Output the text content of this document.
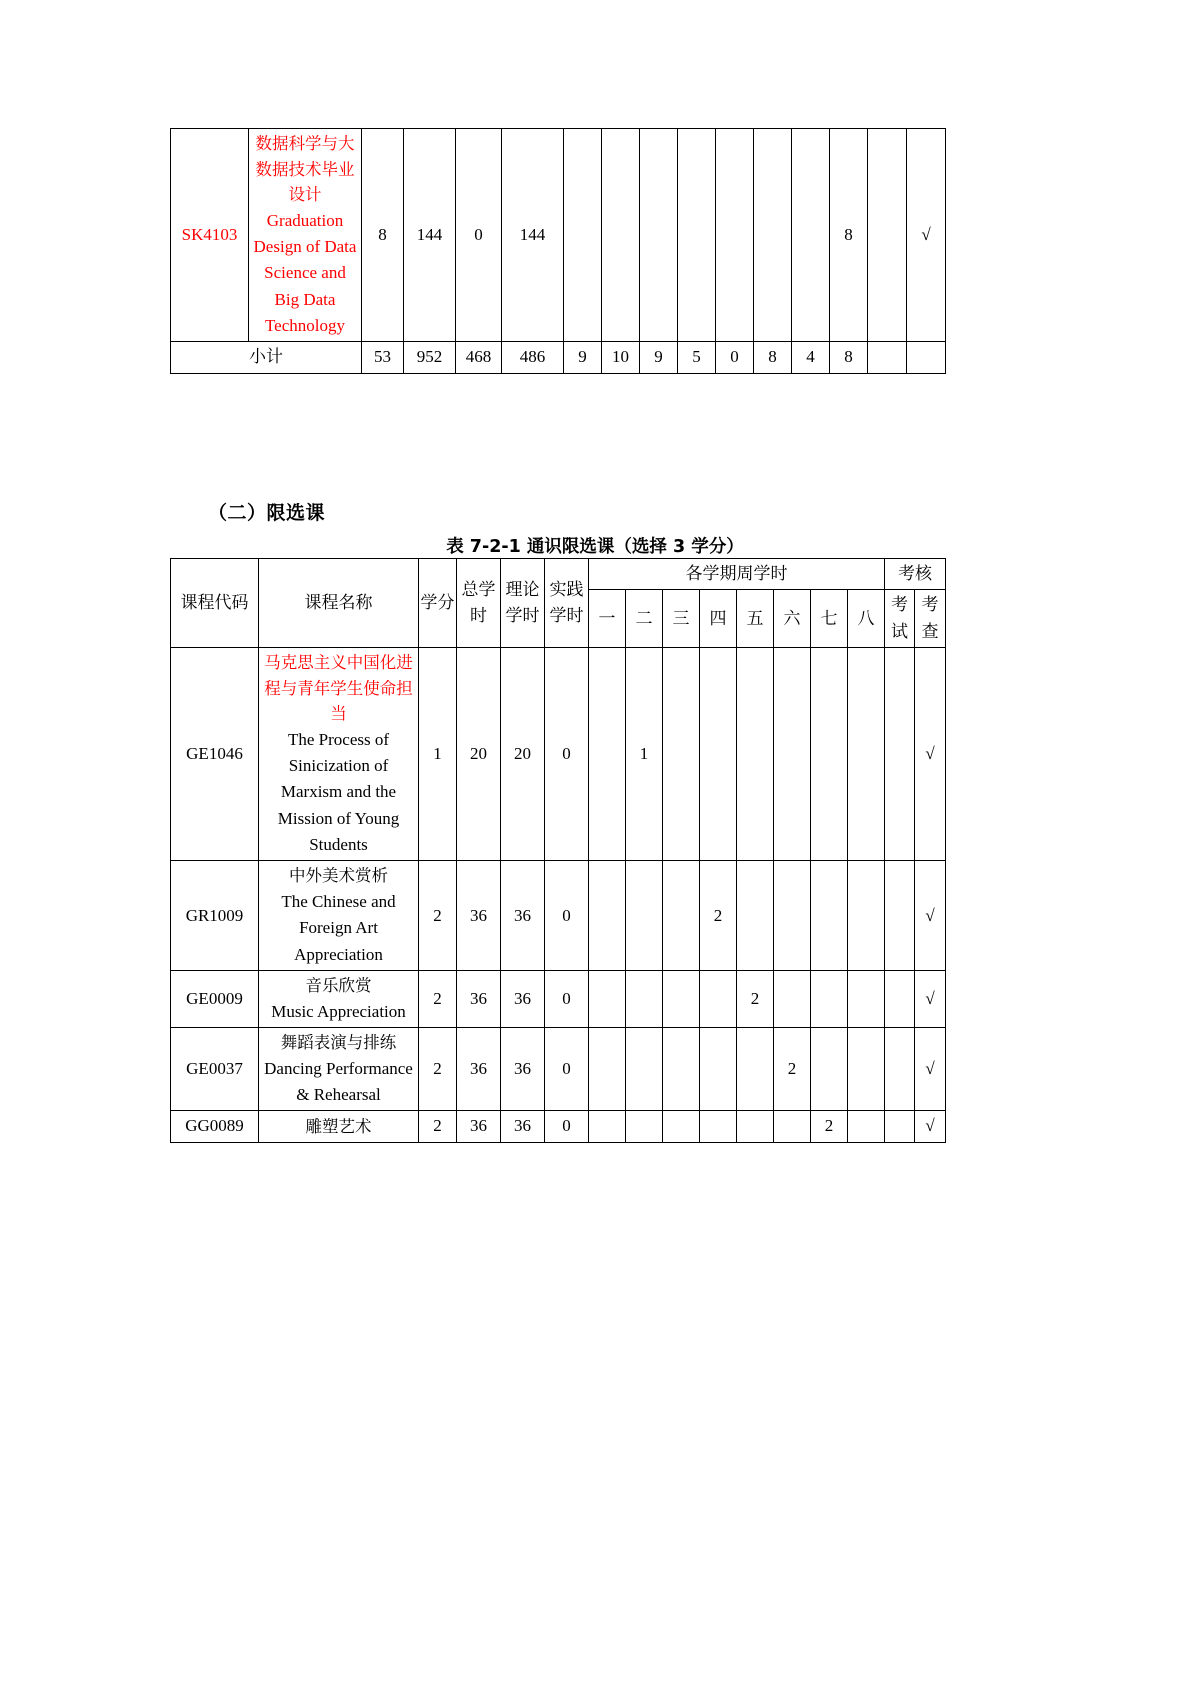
SK4103	数据科学与大数据技术毕业设计
Graduation Design of Data Science and Big Data Technology	8	144	0	144								8		√
小计		53	952	468	486	9	10	9	5	0	8	4	8		
（二）限选课
表 7-2-1 通识限选课（选择 3 学分）
课程代码	课程名称	学分	总学时	理论学时	实践学时	各学期周学时								考核	
						一	二	三	四	五	六	七	八	考试	考查
GE1046	马克思主义中国化进程与青年学生使命担当
The Process of Sinicization of Marxism and the Mission of Young Students	1	20	20	0		1								√
GR1009	中外美术赏析
The Chinese and Foreign Art Appreciation	2	36	36	0				2						√
GE0009	音乐欣赏
Music Appreciation	2	36	36	0					2					√
GE0037	舞蹈表演与排练
Dancing Performance & Rehearsal	2	36	36	0						2				√
GG0089	雕塑艺术	2	36	36	0							2			√
